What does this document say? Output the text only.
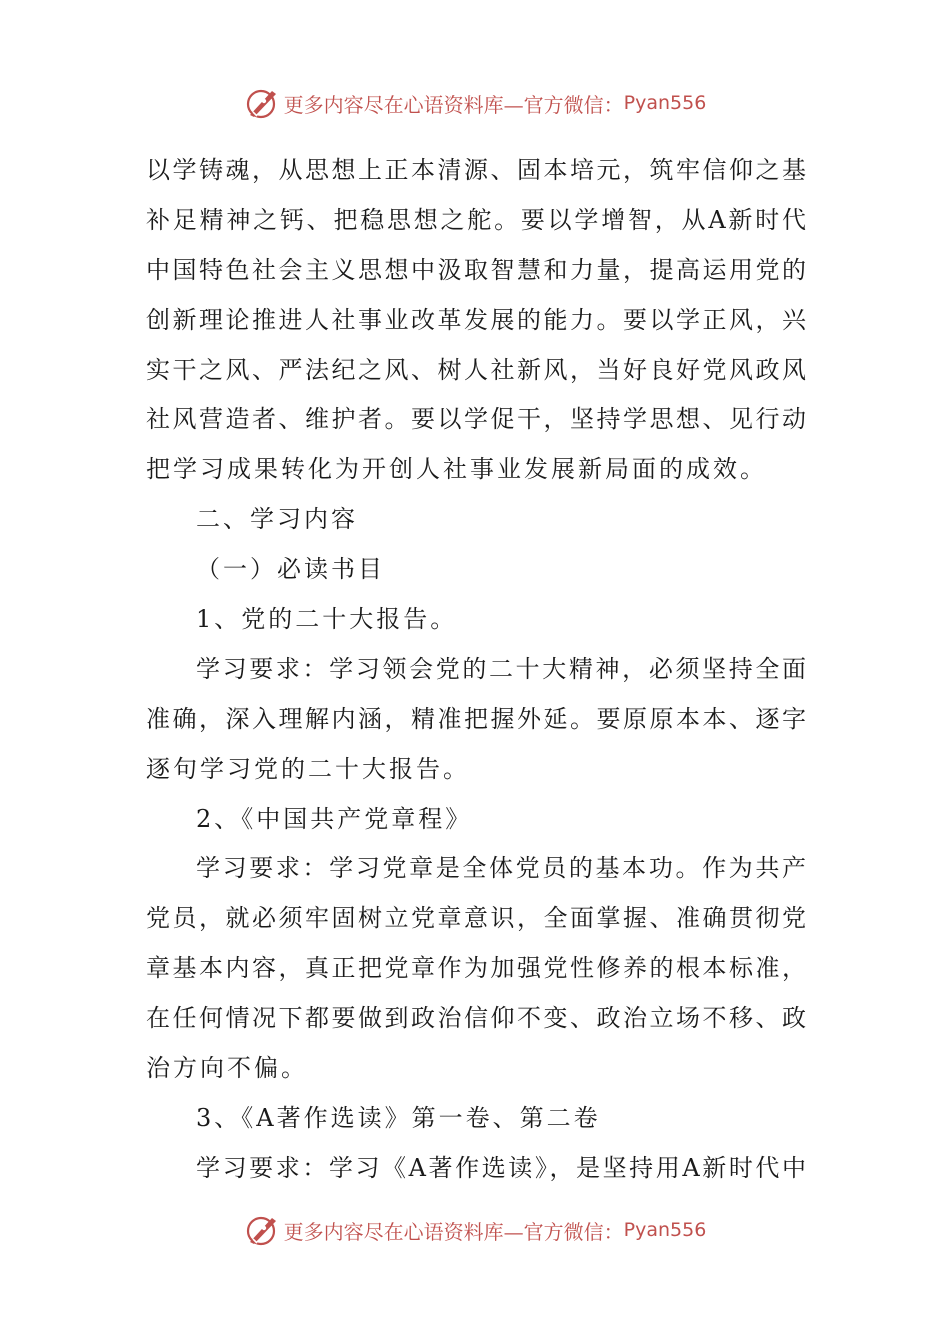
更多内容尽在心语资料库— 官方微信： Pyan556
以学铸魂，从思想上正本清源、固本培元，筑牢信仰之基
补足精神之钙、把稳思想之舵。要以学增智，从A新时代
中国特色社会主义思想中汲取智慧和力量，提高运用党的
创新理论推进人社事业改革发展的能力。要以学正风，兴
实干之风、严法纪之风、树人社新风，当好良好党风政风
社风营造者、维护者。要以学促干，坚持学思想、见行动
把学习成果转化为开创人社事业发展新局面的成效。
二、学习内容
（一）必读书目
1、党的二十大报告。
学习要求：学习领会党的二十大精神，必须坚持全面
准确，深入理解内涵，精准把握外延。要原原本本、逐字
逐句学习党的二十大报告。
2、《中国共产党章程》
学习要求：学习党章是全体党员的基本功。作为共产
党员，就必须牢固树立党章意识，全面掌握、准确贯彻党
章基本内容，真正把党章作为加强党性修养的根本标准，
在任何情况下都要做到政治信仰不变、政治立场不移、政
治方向不偏。
3、《A著作选读》第一卷、第二卷
学习要求：学习《A著作选读》，是坚持用A新时代中
更多内容尽在心语资料库— 官方微信： Pyan556
